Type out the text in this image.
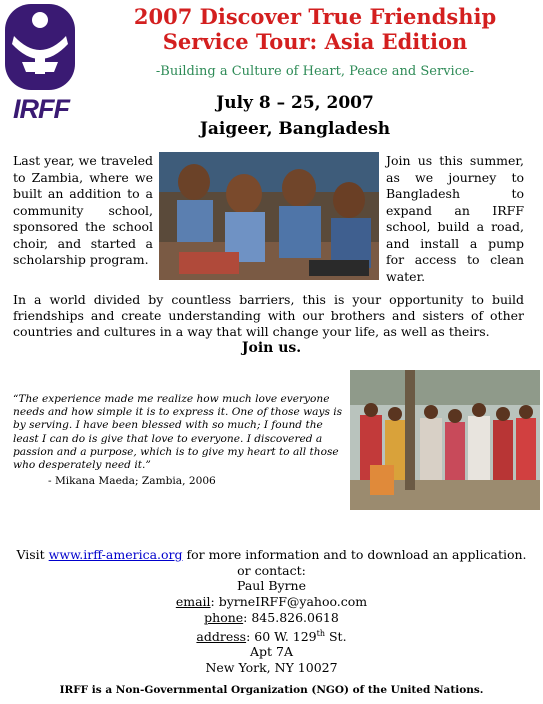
IRFF
2007 Discover True Friendship
Service Tour: Asia Edition
-Building a Culture of Heart, Peace and Service-
July 8 – 25, 2007
Jaigeer, Bangladesh
Last year, we traveled to Zambia, where we built an addition to a community school, sponsored the school choir, and started a scholarship program.
Join us this summer, as we journey to Bangladesh to expand an IRFF school, build a road, and install a pump for access to clean water.
In a world divided by countless barriers, this is your opportunity to build friendships and create understanding with our brothers and sisters of other countries and cultures in a way that will change your life, as well as theirs.
Join us.
“The experience made me realize how much love everyone needs and how simple it is to express it. One of those ways is by serving. I have been blessed with so much; I found the least I can do is give that love to everyone. I discovered a passion and a purpose, which is to give my heart to all those who desperately need it.”
- Mikana Maeda; Zambia, 2006
Visit www.irff-america.org for more information and to download an application.
or contact:
Paul Byrne
email: byrneIRFF@yahoo.com
phone: 845.826.0618
address: 60 W. 129th St.
Apt 7A
New York, NY 10027
IRFF is a Non-Governmental Organization (NGO) of the United Nations.
